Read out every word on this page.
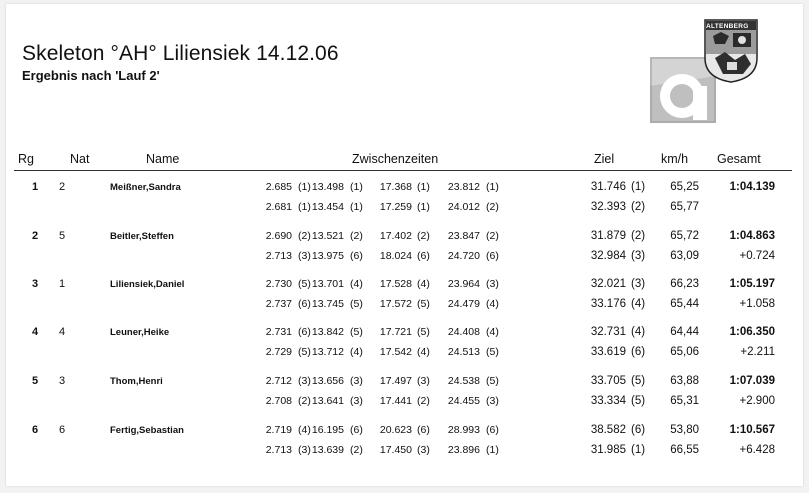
Skeleton °AH° Liliensiek 14.12.06
Ergebnis nach 'Lauf 2'
ALTENBERG
Rg	Nat	Name	Zwischenzeiten	Ziel	km/h Gesamt
1 2	Meißner,Sandra	2.685 (1) 13.498 (1)	17.368 (1)	23.812 (1)	31.746 (1)	65,25	1:04.139
2.681 (1) 13.454 (1)	17.259 (1)	24.012 (2)	32.393 (2)	65,77
2 5	Beitler,Steffen	2.690 (2) 13.521 (2)	17.402 (2)	23.847 (2)	31.879 (2)	65,72	1:04.863
2.713 (3) 13.975 (6)	18.024 (6)	24.720 (6)	32.984 (3)	63,09	+0.724
3 1	Liliensiek,Daniel	2.730 (5) 13.701 (4)	17.528 (4)	23.964 (3)	32.021 (3)	66,23	1:05.197
2.737 (6) 13.745 (5)	17.572 (5)	24.479 (4)	33.176 (4)	65,44	+1.058
4 4	Leuner,Heike	2.731 (6) 13.842 (5)	17.721 (5)	24.408 (4)	32.731 (4)	64,44	1:06.350
2.729 (5) 13.712 (4)	17.542 (4)	24.513 (5)	33.619 (6)	65,06	+2.211
5 3	Thom,Henri	2.712 (3) 13.656 (3)	17.497 (3)	24.538 (5)	33.705 (5)	63,88	1:07.039
2.708 (2) 13.641 (3)	17.441 (2)	24.455 (3)	33.334 (5)	65,31	+2.900
6 6	Fertig,Sebastian	2.719 (4) 16.195 (6)	20.623 (6)	28.993 (6)	38.582 (6)	53,80	1:10.567
2.713 (3) 13.639 (2)	17.450 (3)	23.896 (1)	31.985 (1)	66,55	+6.428
